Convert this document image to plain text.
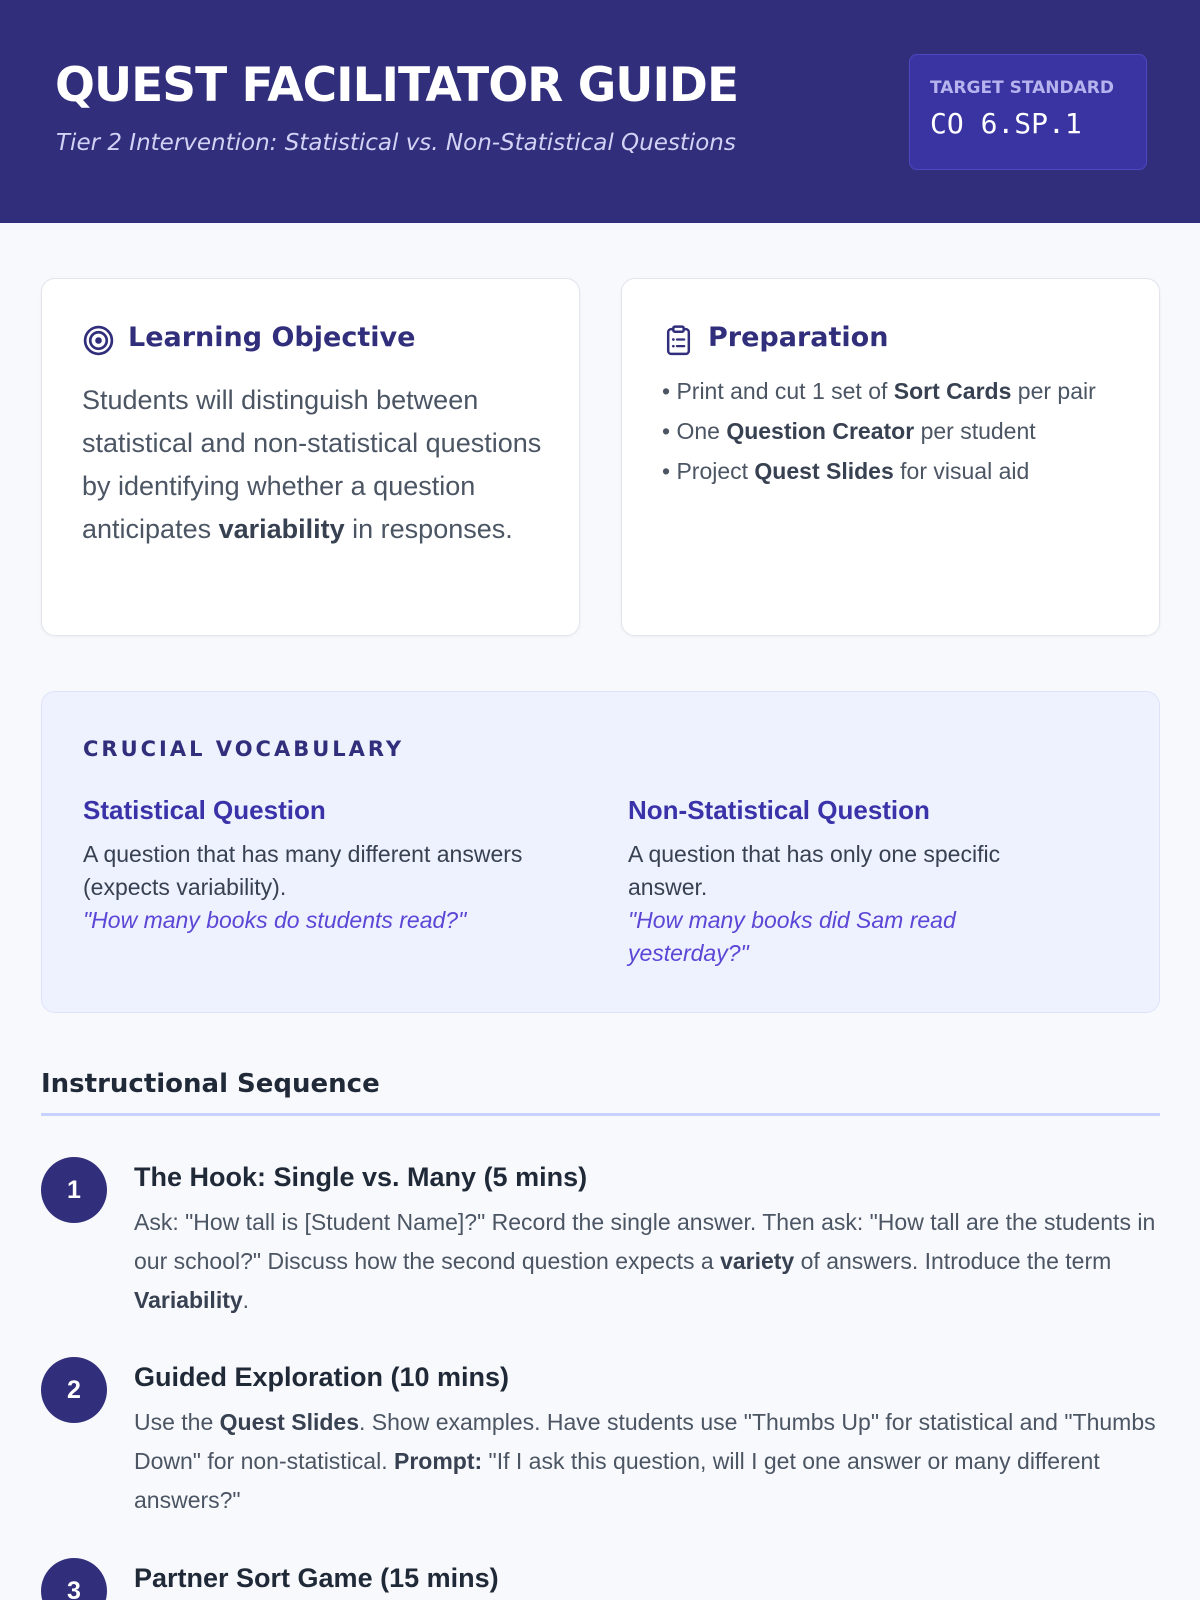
QUEST FACILITATOR GUIDE
Tier 2 Intervention: Statistical vs. Non-Statistical Questions
TARGET STANDARD
CO 6.SP.1
Learning Objective

Students will distinguish between statistical and non-statistical questions by identifying whether a question anticipates variability in responses.

Preparation
• Print and cut 1 set of Sort Cards per pair
• One Question Creator per student
• Project Quest Slides for visual aid
CRUCIAL VOCABULARY
Statistical Question
A question that has many different answers (expects variability).
"How many books do students read?"
Non-Statistical Question
A question that has only one specific answer.
"How many books did Sam read yesterday?"
Instructional Sequence
1	The Hook: Single vs. Many (5 mins)

Ask: "How tall is [Student Name]?" Record the single answer. Then ask: "How tall are the students in our school?" Discuss how the second question expects a variety of answers. Introduce the term Variability.

2	Guided Exploration (10 mins)

Use the Quest Slides. Show examples. Have students use "Thumbs Up" for statistical and "Thumbs Down" for non-statistical. Prompt: "If I ask this question, will I get one answer or many different answers?"

3	Partner Sort Game (15 mins)
